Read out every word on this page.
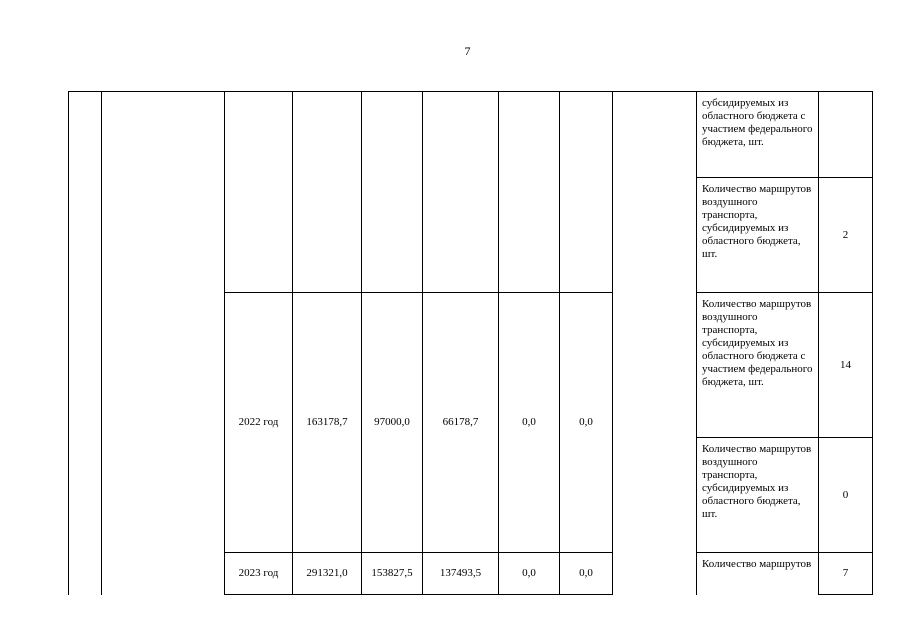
7
									субсидируемых из областного бюджета с участием федерального бюджета, шт.	
									Количество маршрутов воздушного транспорта, субсидируемых из областного бюджета, шт.	2
		2022 год	163178,7	97000,0	66178,7	0,0	0,0		Количество маршрутов воздушного транспорта, субсидируемых из областного бюджета с участием федерального бюджета, шт.	14
									Количество маршрутов воздушного транспорта, субсидируемых из областного бюджета, шт.	0
		2023 год	291321,0	153827,5	137493,5	0,0	0,0		Количество маршрутов	7
